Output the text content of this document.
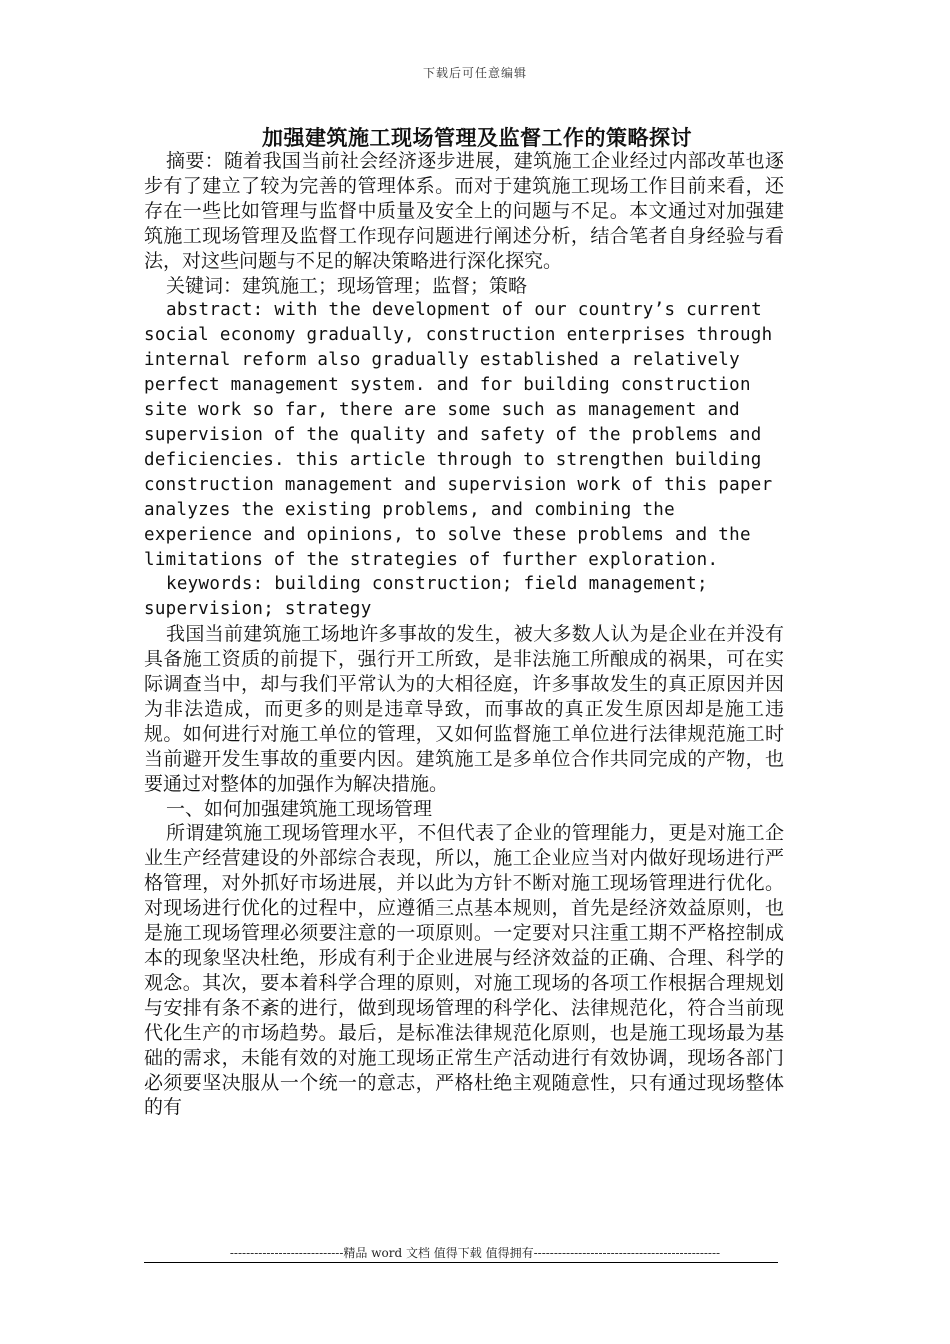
下载后可任意编辑
加强建筑施工现场管理及监督工作的策略探讨

摘要：随着我国当前社会经济逐步进展，建筑施工企业经过内部改革也逐步有了建立了较为完善的管理体系。而对于建筑施工现场工作目前来看，还存在一些比如管理与监督中质量及安全上的问题与不足。本文通过对加强建筑施工现场管理及监督工作现存问题进行阐述分析，结合笔者自身经验与看法，对这些问题与不足的解决策略进行深化探究。

关键词：建筑施工；现场管理；监督；策略

abstract: with the development of our country’s current social economy gradually, construction enterprises through internal reform also gradually established a relatively perfect management system. and for building construction site work so far, there are some such as management and supervision of the quality and safety of the problems and deficiencies. this article through to strengthen building construction management and supervision work of this paper analyzes the existing problems, and combining the experience and opinions, to solve these problems and the limitations of the strategies of further exploration.

keywords: building construction; field management; supervision; strategy

我国当前建筑施工场地许多事故的发生，被大多数人认为是企业在并没有具备施工资质的前提下，强行开工所致，是非法施工所酿成的祸果，可在实际调查当中，却与我们平常认为的大相径庭，许多事故发生的真正原因并因为非法造成，而更多的则是违章导致，而事故的真正发生原因却是施工违规。如何进行对施工单位的管理，又如何监督施工单位进行法律规范施工时当前避开发生事故的重要内因。建筑施工是多单位合作共同完成的产物，也要通过对整体的加强作为解决措施。

一、如何加强建筑施工现场管理

所谓建筑施工现场管理水平，不但代表了企业的管理能力，更是对施工企业生产经营建设的外部综合表现，所以，施工企业应当对内做好现场进行严格管理，对外抓好市场进展，并以此为方针不断对施工现场管理进行优化。对现场进行优化的过程中，应遵循三点基本规则，首先是经济效益原则，也是施工现场管理必须要注意的一项原则。一定要对只注重工期不严格控制成本的现象坚决杜绝，形成有利于企业进展与经济效益的正确、合理、科学的观念。其次，要本着科学合理的原则，对施工现场的各项工作根据合理规划与安排有条不紊的进行，做到现场管理的科学化、法律规范化，符合当前现代化生产的市场趋势。最后，是标准法律规范化原则，也是施工现场最为基础的需求，未能有效的对施工现场正常生产活动进行有效协调，现场各部门必须要坚决服从一个统一的意志，严格杜绝主观随意性，只有通过现场整体的有

----------------------------精品 word 文档 值得下载 值得拥有----------------------------------------------
